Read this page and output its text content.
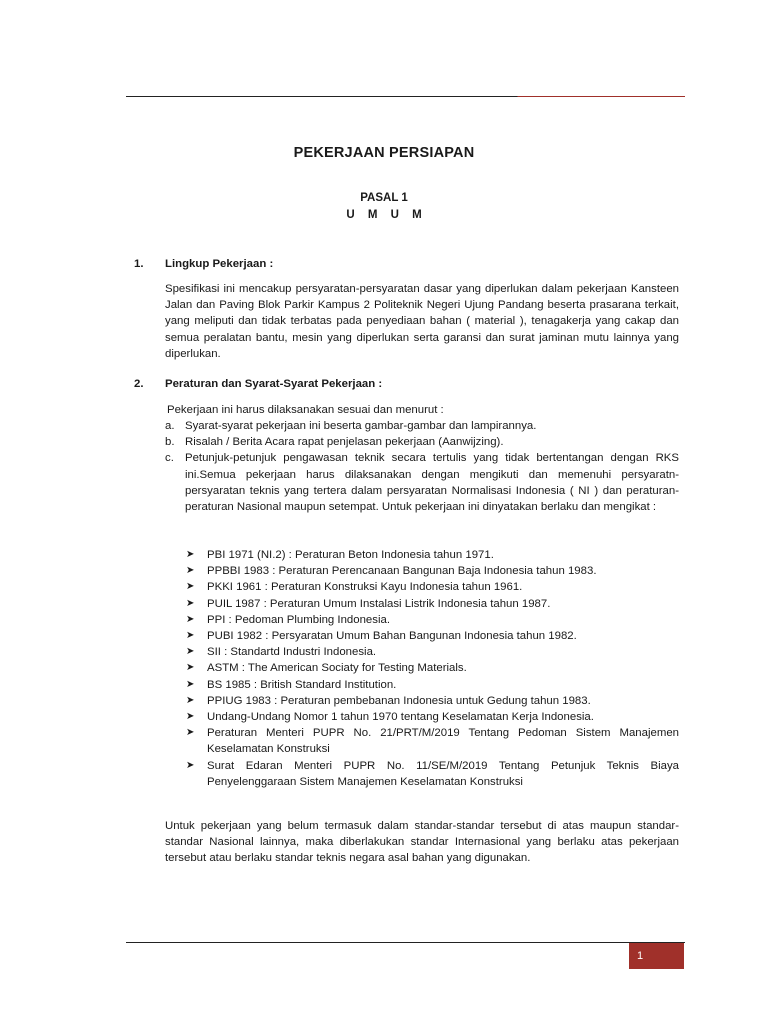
PEKERJAAN PERSIAPAN
PASAL 1
U M U M
1. Lingkup Pekerjaan :
Spesifikasi ini mencakup persyaratan-persyaratan dasar yang diperlukan dalam pekerjaan Kansteen Jalan dan Paving Blok Parkir Kampus 2 Politeknik Negeri Ujung Pandang beserta prasarana terkait, yang meliputi dan tidak terbatas pada penyediaan bahan ( material ), tenagakerja yang cakap dan semua peralatan bantu, mesin yang diperlukan serta garansi dan surat jaminan mutu lainnya yang diperlukan.
2. Peraturan dan Syarat-Syarat Pekerjaan :
Pekerjaan ini harus dilaksanakan sesuai dan menurut :
a. Syarat-syarat pekerjaan ini beserta gambar-gambar dan lampirannya.
b. Risalah / Berita Acara rapat penjelasan pekerjaan (Aanwijzing).
c. Petunjuk-petunjuk pengawasan teknik secara tertulis yang tidak bertentangan dengan RKS ini.Semua pekerjaan harus dilaksanakan dengan mengikuti dan memenuhi persyaratn-persyaratan teknis yang tertera dalam persyaratan Normalisasi Indonesia ( NI ) dan peraturan-peraturan Nasional maupun setempat. Untuk pekerjaan ini dinyatakan berlaku dan mengikat :
➤	PBI 1971 (NI.2) : Peraturan Beton Indonesia tahun 1971.
➤	PPBBI 1983 : Peraturan Perencanaan Bangunan Baja Indonesia tahun 1983.
➤	PKKI 1961 : Peraturan Konstruksi Kayu Indonesia tahun 1961.
➤	PUIL 1987 : Peraturan Umum Instalasi Listrik Indonesia tahun 1987.
➤	PPI : Pedoman Plumbing Indonesia.
➤	PUBI 1982 : Persyaratan Umum Bahan Bangunan Indonesia tahun 1982.
➤	SII : Standartd Industri Indonesia.
➤	ASTM : The American Sociaty for Testing Materials.
➤	BS 1985 : British Standard Institution.
➤	PPIUG 1983 : Peraturan pembebanan Indonesia untuk Gedung tahun 1983.
➤	Undang-Undang Nomor 1 tahun 1970 tentang Keselamatan Kerja Indonesia.
➤	Peraturan Menteri PUPR No. 21/PRT/M/2019 Tentang Pedoman Sistem Manajemen Keselamatan Konstruksi
➤	Surat Edaran Menteri PUPR No. 11/SE/M/2019 Tentang Petunjuk Teknis Biaya Penyelenggaraan Sistem Manajemen Keselamatan Konstruksi
Untuk pekerjaan yang belum termasuk dalam standar-standar tersebut di atas maupun standar-standar Nasional lainnya, maka diberlakukan standar Internasional yang berlaku atas pekerjaan tersebut atau berlaku standar teknis negara asal bahan yang digunakan.
1
